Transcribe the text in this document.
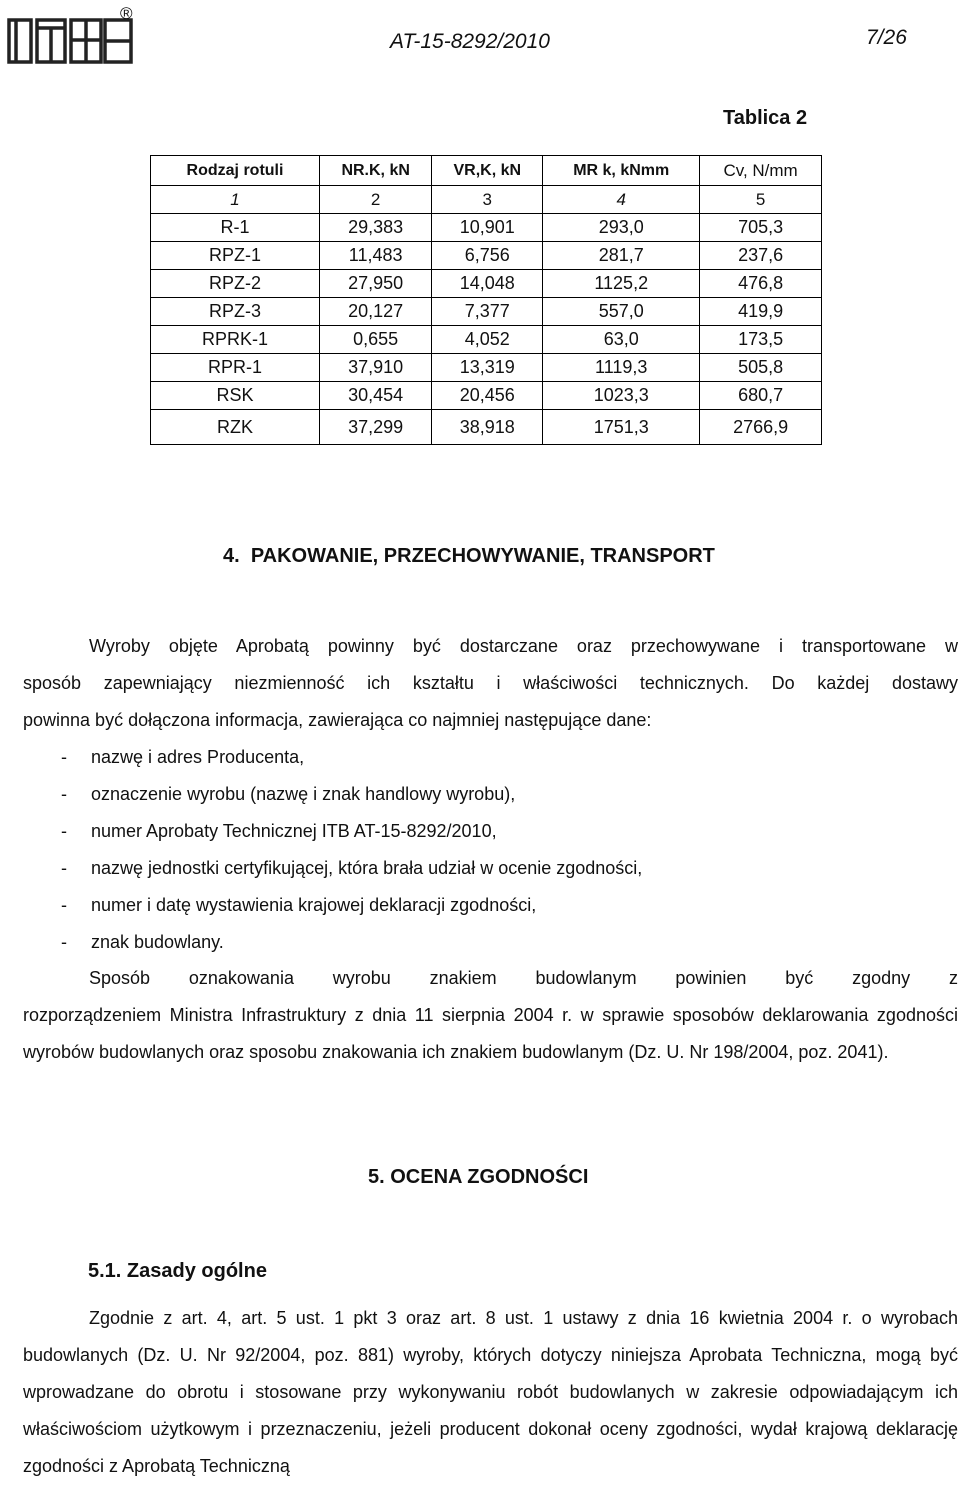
®
AT-15-8292/2010	7/26
Tablica 2
Rodzaj rotuli	NR.K, kN	VR,K, kN	MR k, kNmm	Cv, N/mm
1	2	3	4	5
R-1	29,383	10,901	293,0	705,3
RPZ-1	11,483	6,756	281,7	237,6
RPZ-2	27,950	14,048	1125,2	476,8
RPZ-3	20,127	7,377	557,0	419,9
RPRK-1	0,655	4,052	63,0	173,5
RPR-1	37,910	13,319	1119,3	505,8
RSK	30,454	20,456	1023,3	680,7
RZK	37,299	38,918	1751,3	2766,9
4. PAKOWANIE, PRZECHOWYWANIE, TRANSPORT
Wyroby objęte Aprobatą powinny być dostarczane oraz przechowywane i transportowane w
sposób zapewniający niezmienność ich kształtu i właściwości technicznych. Do każdej dostawy
powinna być dołączona informacja, zawierająca co najmniej następujące dane:
- nazwę i adres Producenta,
- oznaczenie wyrobu (nazwę i znak handlowy wyrobu),
- numer Aprobaty Technicznej ITB AT-15-8292/2010,
- nazwę jednostki certyfikującej, która brała udział w ocenie zgodności,
- numer i datę wystawienia krajowej deklaracji zgodności,
- znak budowlany.
Sposób oznakowania wyrobu znakiem budowlanym powinien być zgodny z
rozporządzeniem Ministra Infrastruktury z dnia 11 sierpnia 2004 r. w sprawie sposobów deklarowania zgodności wyrobów budowlanych oraz sposobu znakowania ich znakiem budowlanym (Dz. U. Nr 198/2004, poz. 2041).
5. OCENA ZGODNOŚCI
5.1. Zasady ogólne
Zgodnie z art. 4, art. 5 ust. 1 pkt 3 oraz art. 8 ust. 1 ustawy z dnia 16 kwietnia 2004 r. o wyrobach budowlanych (Dz. U. Nr 92/2004, poz. 881) wyroby, których dotyczy niniejsza Aprobata Techniczna, mogą być wprowadzane do obrotu i stosowane przy wykonywaniu robót budowlanych w zakresie odpowiadającym ich właściwościom użytkowym i przeznaczeniu, jeżeli producent dokonał oceny zgodności, wydał krajową deklarację zgodności z Aprobatą Techniczną
